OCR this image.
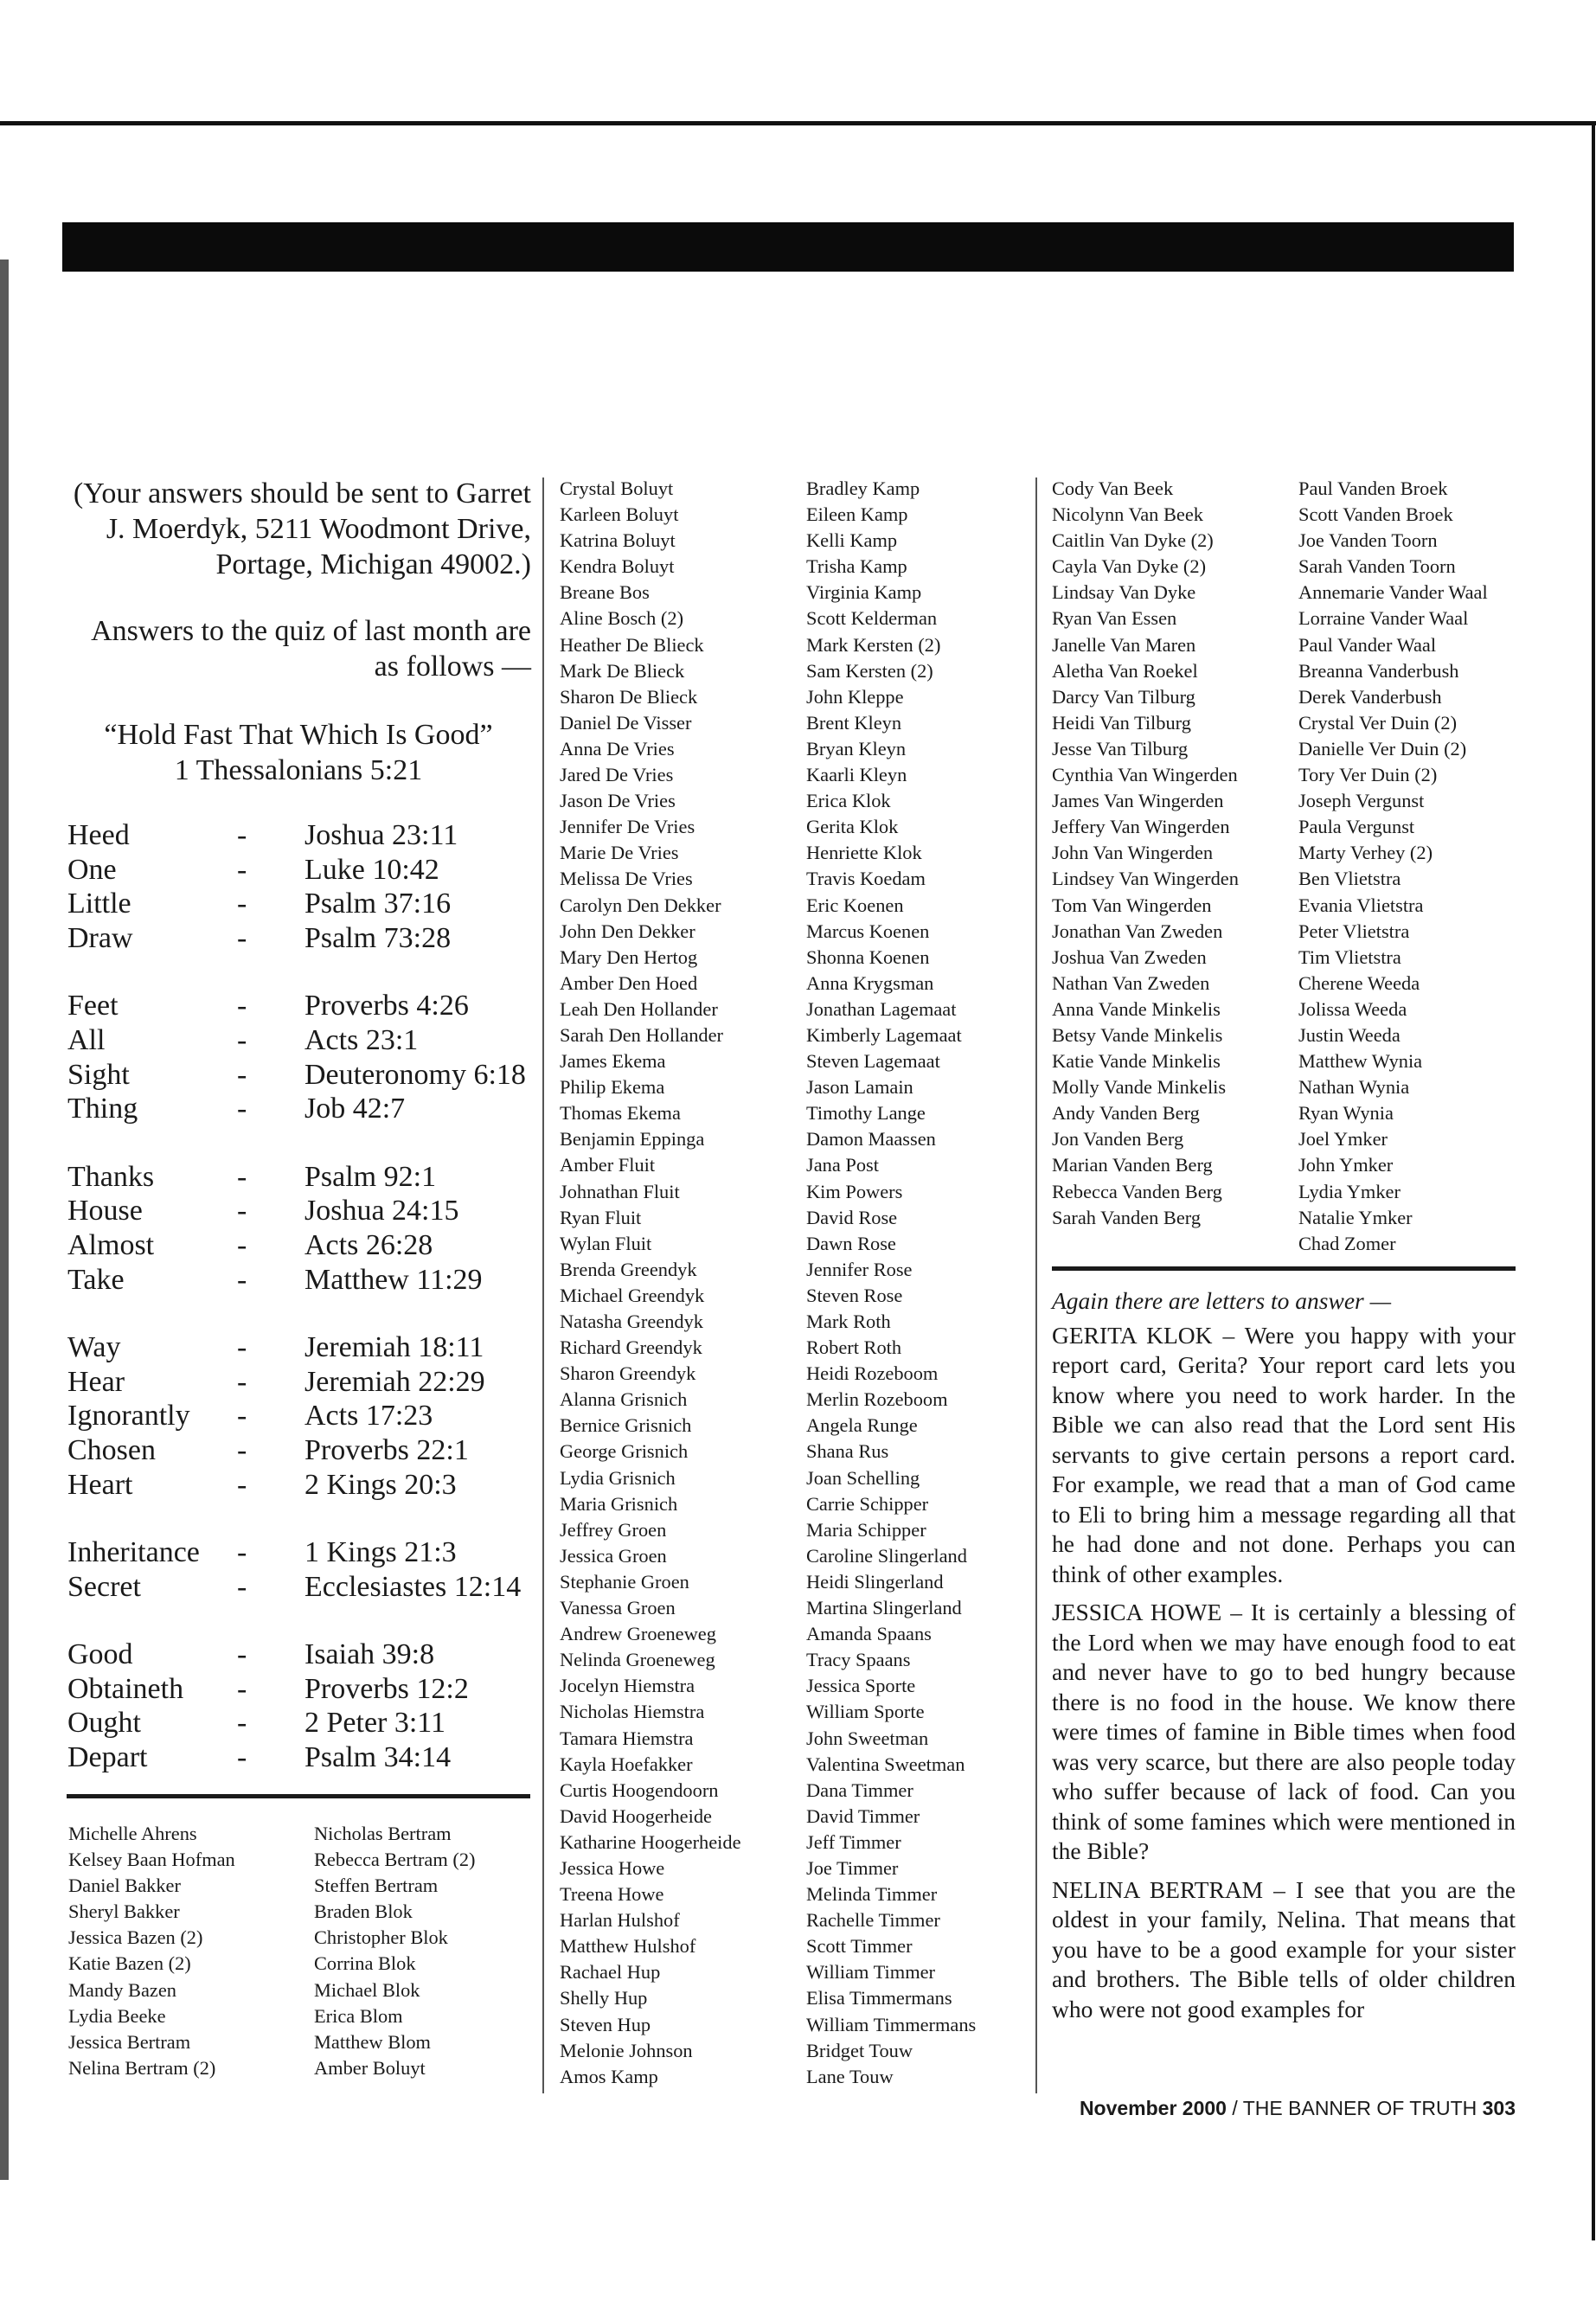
(Your answers should be sent to Garret J. Moerdyk, 5211 Woodmont Drive, Portage, Michigan 49002.)

Answers to the quiz of last month are as follows —

“Hold Fast That Which Is Good”

1 Thessalonians 5:21

Heed	-	Joshua 23:11
One	-	Luke 10:42
Little	-	Psalm 37:16
Draw	-	Psalm 73:28
Feet	-	Proverbs 4:26
All	-	Acts 23:1
Sight	-	Deuteronomy 6:18
Thing	-	Job 42:7
Thanks	-	Psalm 92:1
House	-	Joshua 24:15
Almost	-	Acts 26:28
Take	-	Matthew 11:29
Way	-	Jeremiah 18:11
Hear	-	Jeremiah 22:29
Ignorantly	-	Acts 17:23
Chosen	-	Proverbs 22:1
Heart	-	2 Kings 20:3
Inheritance	-	1 Kings 21:3
Secret	-	Ecclesiastes 12:14
Good	-	Isaiah 39:8
Obtaineth	-	Proverbs 12:2
Ought	-	2 Peter 3:11
Depart	-	Psalm 34:14
Michelle Ahrens
Kelsey Baan Hofman
Daniel Bakker
Sheryl Bakker
Jessica Bazen (2)
Katie Bazen (2)
Mandy Bazen
Lydia Beeke
Jessica Bertram
Nelina Bertram (2)
Nicholas Bertram
Rebecca Bertram (2)
Steffen Bertram
Braden Blok
Christopher Blok
Corrina Blok
Michael Blok
Erica Blom
Matthew Blom
Amber Boluyt
Crystal Boluyt
Karleen Boluyt
Katrina Boluyt
Kendra Boluyt
Breane Bos
Aline Bosch (2)
Heather De Blieck
Mark De Blieck
Sharon De Blieck
Daniel De Visser
Anna De Vries
Jared De Vries
Jason De Vries
Jennifer De Vries
Marie De Vries
Melissa De Vries
Carolyn Den Dekker
John Den Dekker
Mary Den Hertog
Amber Den Hoed
Leah Den Hollander
Sarah Den Hollander
James Ekema
Philip Ekema
Thomas Ekema
Benjamin Eppinga
Amber Fluit
Johnathan Fluit
Ryan Fluit
Wylan Fluit
Brenda Greendyk
Michael Greendyk
Natasha Greendyk
Richard Greendyk
Sharon Greendyk
Alanna Grisnich
Bernice Grisnich
George Grisnich
Lydia Grisnich
Maria Grisnich
Jeffrey Groen
Jessica Groen
Stephanie Groen
Vanessa Groen
Andrew Groeneweg
Nelinda Groeneweg
Jocelyn Hiemstra
Nicholas Hiemstra
Tamara Hiemstra
Kayla Hoefakker
Curtis Hoogendoorn
David Hoogerheide
Katharine Hoogerheide
Jessica Howe
Treena Howe
Harlan Hulshof
Matthew Hulshof
Rachael Hup
Shelly Hup
Steven Hup
Melonie Johnson
Amos Kamp
Bradley Kamp
Eileen Kamp
Kelli Kamp
Trisha Kamp
Virginia Kamp
Scott Kelderman
Mark Kersten (2)
Sam Kersten (2)
John Kleppe
Brent Kleyn
Bryan Kleyn
Kaarli Kleyn
Erica Klok
Gerita Klok
Henriette Klok
Travis Koedam
Eric Koenen
Marcus Koenen
Shonna Koenen
Anna Krygsman
Jonathan Lagemaat
Kimberly Lagemaat
Steven Lagemaat
Jason Lamain
Timothy Lange
Damon Maassen
Jana Post
Kim Powers
David Rose
Dawn Rose
Jennifer Rose
Steven Rose
Mark Roth
Robert Roth
Heidi Rozeboom
Merlin Rozeboom
Angela Runge
Shana Rus
Joan Schelling
Carrie Schipper
Maria Schipper
Caroline Slingerland
Heidi Slingerland
Martina Slingerland
Amanda Spaans
Tracy Spaans
Jessica Sporte
William Sporte
John Sweetman
Valentina Sweetman
Dana Timmer
David Timmer
Jeff Timmer
Joe Timmer
Melinda Timmer
Rachelle Timmer
Scott Timmer
William Timmer
Elisa Timmermans
William Timmermans
Bridget Touw
Lane Touw
Cody Van Beek
Nicolynn Van Beek
Caitlin Van Dyke (2)
Cayla Van Dyke (2)
Lindsay Van Dyke
Ryan Van Essen
Janelle Van Maren
Aletha Van Roekel
Darcy Van Tilburg
Heidi Van Tilburg
Jesse Van Tilburg
Cynthia Van Wingerden
James Van Wingerden
Jeffery Van Wingerden
John Van Wingerden
Lindsey Van Wingerden
Tom Van Wingerden
Jonathan Van Zweden
Joshua Van Zweden
Nathan Van Zweden
Anna Vande Minkelis
Betsy Vande Minkelis
Katie Vande Minkelis
Molly Vande Minkelis
Andy Vanden Berg
Jon Vanden Berg
Marian Vanden Berg
Rebecca Vanden Berg
Sarah Vanden Berg
Paul Vanden Broek
Scott Vanden Broek
Joe Vanden Toorn
Sarah Vanden Toorn
Annemarie Vander Waal
Lorraine Vander Waal
Paul Vander Waal
Breanna Vanderbush
Derek Vanderbush
Crystal Ver Duin (2)
Danielle Ver Duin (2)
Tory Ver Duin (2)
Joseph Vergunst
Paula Vergunst
Marty Verhey (2)
Ben Vlietstra
Evania Vlietstra
Peter Vlietstra
Tim Vlietstra
Cherene Weeda
Jolissa Weeda
Justin Weeda
Matthew Wynia
Nathan Wynia
Ryan Wynia
Joel Ymker
John Ymker
Lydia Ymker
Natalie Ymker
Chad Zomer

Again there are letters to answer —

GERITA KLOK – Were you happy with your report card, Gerita? Your report card lets you know where you need to work harder. In the Bible we can also read that the Lord sent His servants to give certain persons a report card. For example, we read that a man of God came to Eli to bring him a message regarding all that he had done and not done. Perhaps you can think of other examples.

JESSICA HOWE – It is certainly a blessing of the Lord when we may have enough food to eat and never have to go to bed hungry because there is no food in the house. We know there were times of famine in Bible times when food was very scarce, but there are also people today who suffer because of lack of food. Can you think of some famines which were mentioned in the Bible?

NELINA BERTRAM – I see that you are the oldest in your family, Nelina. That means that you have to be a good example for your sister and brothers. The Bible tells of older children who were not good examples for

November 2000 / THE BANNER OF TRUTH 303
